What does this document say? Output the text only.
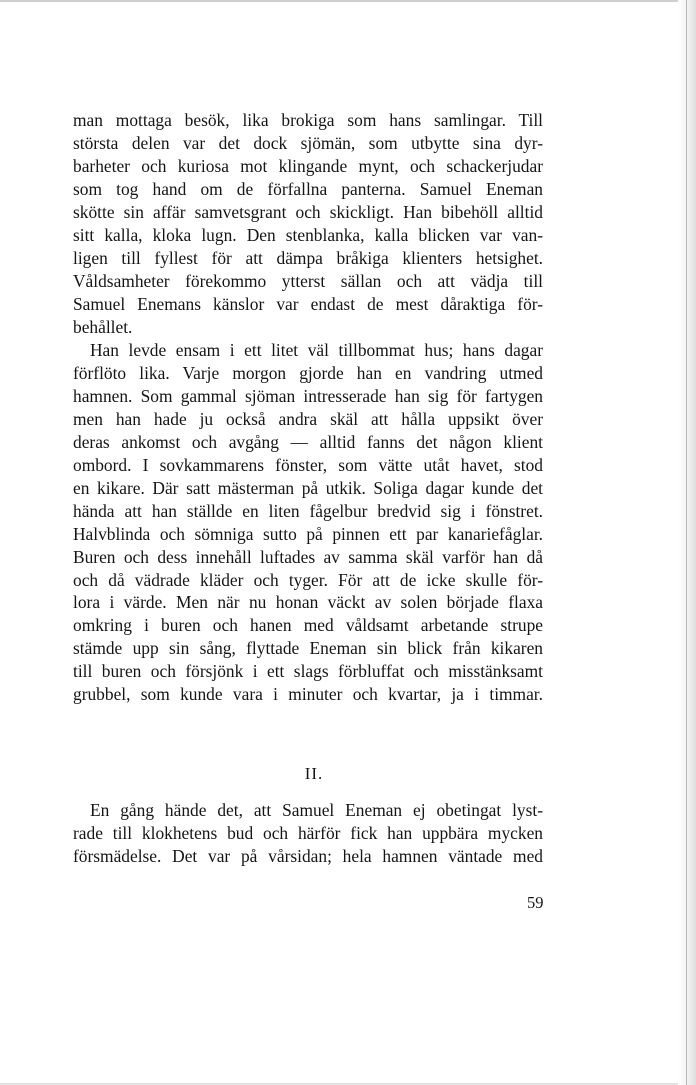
man mottaga besök, lika brokiga som hans samlingar. Till
största delen var det dock sjömän, som utbytte sina dyr-
barheter och kuriosa mot klingande mynt, och schackerjudar
som tog hand om de förfallna panterna. Samuel Eneman
skötte sin affär samvetsgrant och skickligt. Han bibehöll alltid
sitt kalla, kloka lugn. Den stenblanka, kalla blicken var van-
ligen till fyllest för att dämpa bråkiga klienters hetsighet.
Våldsamheter förekommo ytterst sällan och att vädja till
Samuel Enemans känslor var endast de mest dåraktiga för-
behållet.

Han levde ensam i ett litet väl tillbommat hus; hans dagar
förflöto lika. Varje morgon gjorde han en vandring utmed
hamnen. Som gammal sjöman intresserade han sig för fartygen
men han hade ju också andra skäl att hålla uppsikt över
deras ankomst och avgång — alltid fanns det någon klient
ombord. I sovkammarens fönster, som vätte utåt havet, stod
en kikare. Där satt mästerman på utkik. Soliga dagar kunde det
hända att han ställde en liten fågelbur bredvid sig i fönstret.
Halvblinda och sömniga sutto på pinnen ett par kanariefåglar.
Buren och dess innehåll luftades av samma skäl varför han då
och då vädrade kläder och tyger. För att de icke skulle för-
lora i värde. Men när nu honan väckt av solen började flaxa
omkring i buren och hanen med våldsamt arbetande strupe
stämde upp sin sång, flyttade Eneman sin blick från kikaren
till buren och försjönk i ett slags förbluffat och misstänksamt
grubbel, som kunde vara i minuter och kvartar, ja i timmar.

II.

En gång hände det, att Samuel Eneman ej obetingat lyst-
rade till klokhetens bud och härför fick han uppbära mycken
försmädelse. Det var på vårsidan; hela hamnen väntade med

59
